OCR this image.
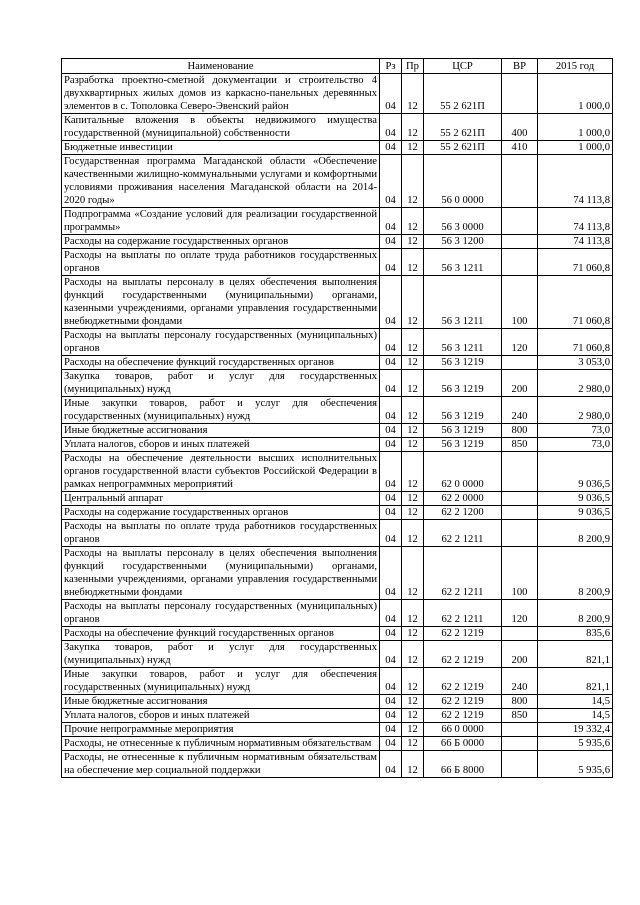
Наименование	Рз	Пр	ЦСР	ВР	2015 год
Разработка проектно-сметной документации и строительство 4 двухквартирных жилых домов из каркасно-панельных деревянных элементов в с. Тополовка Северо-Эвенский район	04	12	55 2 621П		1 000,0
Капитальные вложения в объекты недвижимого имущества государственной (муниципальной) собственности	04	12	55 2 621П	400	1 000,0
Бюджетные инвестиции	04	12	55 2 621П	410	1 000,0
Государственная программа Магаданской области «Обеспечение качественными жилищно-коммунальными услугами и комфортными условиями проживания населения Магаданской области на 2014-2020 годы»	04	12	56 0 0000		74 113,8
Подпрограмма «Создание условий для реализации государственной программы»	04	12	56 3 0000		74 113,8
Расходы на содержание государственных органов	04	12	56 3 1200		74 113,8
Расходы на выплаты по оплате труда работников государственных органов	04	12	56 3 1211		71 060,8
Расходы на выплаты персоналу в целях обеспечения выполнения функций государственными (муниципальными) органами, казенными учреждениями, органами управления государственными внебюджетными фондами	04	12	56 3 1211	100	71 060,8
Расходы на выплаты персоналу государственных (муниципальных) органов	04	12	56 3 1211	120	71 060,8
Расходы на обеспечение функций государственных органов	04	12	56 3 1219		3 053,0
Закупка товаров, работ и услуг для государственных (муниципальных) нужд	04	12	56 3 1219	200	2 980,0
Иные закупки товаров, работ и услуг для обеспечения государственных (муниципальных) нужд	04	12	56 3 1219	240	2 980,0
Иные бюджетные ассигнования	04	12	56 3 1219	800	73,0
Уплата налогов, сборов и иных платежей	04	12	56 3 1219	850	73,0
Расходы на обеспечение деятельности высших исполнительных органов государственной власти субъектов Российской Федерации в рамках непрограммных мероприятий	04	12	62 0 0000		9 036,5
Центральный аппарат	04	12	62 2 0000		9 036,5
Расходы на содержание государственных органов	04	12	62 2 1200		9 036,5
Расходы на выплаты по оплате труда работников государственных органов	04	12	62 2 1211		8 200,9
Расходы на выплаты персоналу в целях обеспечения выполнения функций государственными (муниципальными) органами, казенными учреждениями, органами управления государственными внебюджетными фондами	04	12	62 2 1211	100	8 200,9
Расходы на выплаты персоналу государственных (муниципальных) органов	04	12	62 2 1211	120	8 200,9
Расходы на обеспечение функций государственных органов	04	12	62 2 1219		835,6
Закупка товаров, работ и услуг для государственных (муниципальных) нужд	04	12	62 2 1219	200	821,1
Иные закупки товаров, работ и услуг для обеспечения государственных (муниципальных) нужд	04	12	62 2 1219	240	821,1
Иные бюджетные ассигнования	04	12	62 2 1219	800	14,5
Уплата налогов, сборов и иных платежей	04	12	62 2 1219	850	14,5
Прочие непрограммные мероприятия	04	12	66 0 0000		19 332,4
Расходы, не отнесенные к публичным нормативным обязательствам	04	12	66 Б 0000		5 935,6
Расходы, не отнесенные к публичным нормативным обязательствам на обеспечение мер социальной поддержки	04	12	66 Б 8000		5 935,6
